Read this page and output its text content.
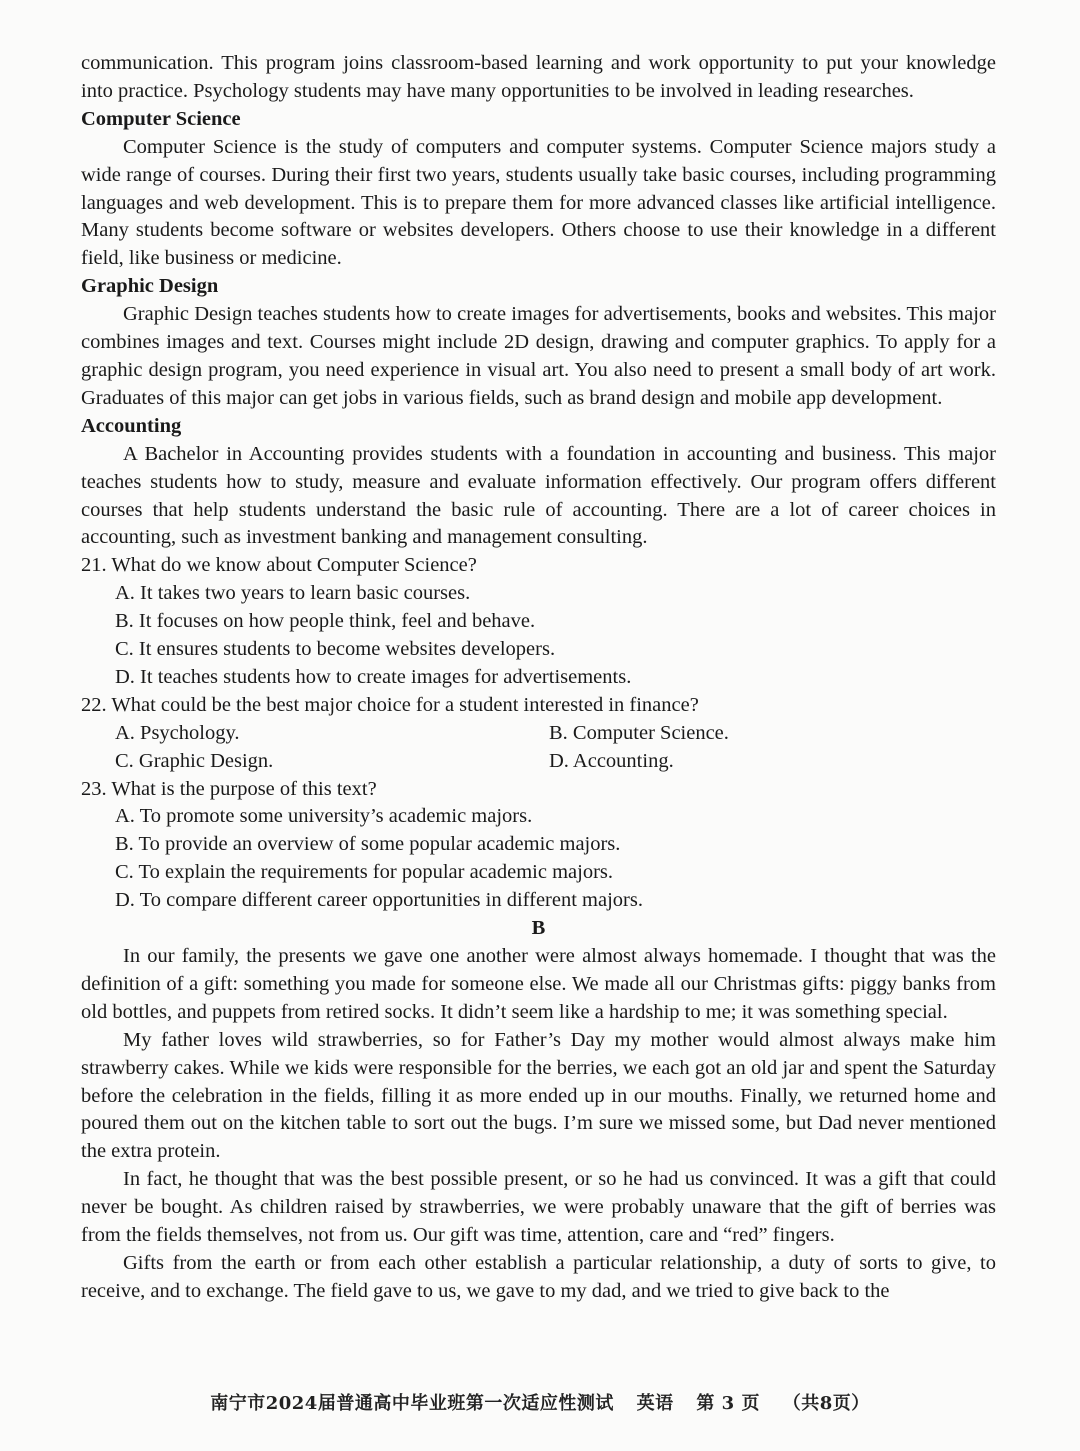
communication. This program joins classroom-based learning and work opportunity to put your knowledge into practice. Psychology students may have many opportunities to be involved in leading researches.

Computer Science

Computer Science is the study of computers and computer systems. Computer Science majors study a wide range of courses. During their first two years, students usually take basic courses, including programming languages and web development. This is to prepare them for more advanced classes like artificial intelligence. Many students become software or websites developers. Others choose to use their knowledge in a different field, like business or medicine.

Graphic Design

Graphic Design teaches students how to create images for advertisements, books and websites. This major combines images and text. Courses might include 2D design, drawing and computer graphics. To apply for a graphic design program, you need experience in visual art. You also need to present a small body of art work. Graduates of this major can get jobs in various fields, such as brand design and mobile app development.

Accounting

A Bachelor in Accounting provides students with a foundation in accounting and business. This major teaches students how to study, measure and evaluate information effectively. Our program offers different courses that help students understand the basic rule of accounting. There are a lot of career choices in accounting, such as investment banking and management consulting.

21. What do we know about Computer Science?

A. It takes two years to learn basic courses.

B. It focuses on how people think, feel and behave.

C. It ensures students to become websites developers.

D. It teaches students how to create images for advertisements.

22. What could be the best major choice for a student interested in finance?

A. Psychology.	B. Computer Science.
C. Graphic Design.	D. Accounting.

23. What is the purpose of this text?

A. To promote some university’s academic majors.

B. To provide an overview of some popular academic majors.

C. To explain the requirements for popular academic majors.

D. To compare different career opportunities in different majors.

B

In our family, the presents we gave one another were almost always homemade. I thought that was the definition of a gift: something you made for someone else. We made all our Christmas gifts: piggy banks from old bottles, and puppets from retired socks. It didn’t seem like a hardship to me; it was something special.

My father loves wild strawberries, so for Father’s Day my mother would almost always make him strawberry cakes. While we kids were responsible for the berries, we each got an old jar and spent the Saturday before the celebration in the fields, filling it as more ended up in our mouths. Finally, we returned home and poured them out on the kitchen table to sort out the bugs. I’m sure we missed some, but Dad never mentioned the extra protein.

In fact, he thought that was the best possible present, or so he had us convinced. It was a gift that could never be bought. As children raised by strawberries, we were probably unaware that the gift of berries was from the fields themselves, not from us. Our gift was time, attention, care and “red” fingers.

Gifts from the earth or from each other establish a particular relationship, a duty of sorts to give, to receive, and to exchange. The field gave to us, we gave to my dad, and we tried to give back to the

南宁市2024届普通高中毕业班第一次适应性测试 英语 第 3 页 （共8页）
